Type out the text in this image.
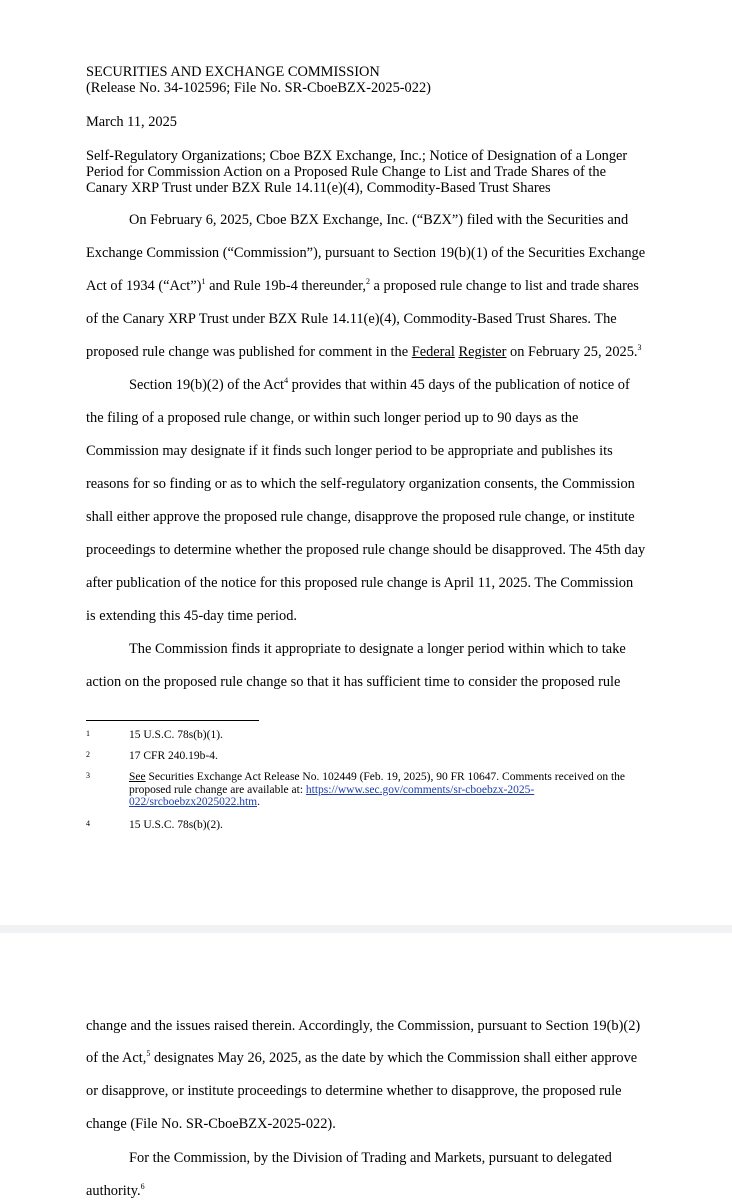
SECURITIES AND EXCHANGE COMMISSION
(Release No. 34-102596; File No. SR-CboeBZX-2025-022)
March 11, 2025
Self-Regulatory Organizations; Cboe BZX Exchange, Inc.; Notice of Designation of a Longer
Period for Commission Action on a Proposed Rule Change to List and Trade Shares of the
Canary XRP Trust under BZX Rule 14.11(e)(4), Commodity-Based Trust Shares
On February 6, 2025, Cboe BZX Exchange, Inc. (“BZX”) filed with the Securities and
Exchange Commission (“Commission”), pursuant to Section 19(b)(1) of the Securities Exchange
Act of 1934 (“Act”)$^1$ and Rule 19b-4 thereunder,$^2$ a proposed rule change to list and trade shares
of the Canary XRP Trust under BZX Rule 14.11(e)(4), Commodity-Based Trust Shares. The
proposed rule change was published for comment in the Federal Register on February 25, 2025.$^3$
Section 19(b)(2) of the Act$^4$ provides that within 45 days of the publication of notice of
the filing of a proposed rule change, or within such longer period up to 90 days as the
Commission may designate if it finds such longer period to be appropriate and publishes its
reasons for so finding or as to which the self-regulatory organization consents, the Commission
shall either approve the proposed rule change, disapprove the proposed rule change, or institute
proceedings to determine whether the proposed rule change should be disapproved. The 45th day
after publication of the notice for this proposed rule change is April 11, 2025. The Commission
is extending this 45-day time period.
The Commission finds it appropriate to designate a longer period within which to take
action on the proposed rule change so that it has sufficient time to consider the proposed rule
1	15 U.S.C. 78s(b)(1).
2	17 CFR 240.19b-4.
3	See Securities Exchange Act Release No. 102449 (Feb. 19, 2025), 90 FR 10647. Comments received on the
proposed rule change are available at: https://www.sec.gov/comments/sr-cboebzx-2025-
022/srcboebzx2025022.htm.
4	15 U.S.C. 78s(b)(2).
change and the issues raised therein. Accordingly, the Commission, pursuant to Section 19(b)(2)
of the Act,$^5$ designates May 26, 2025, as the date by which the Commission shall either approve
or disapprove, or institute proceedings to determine whether to disapprove, the proposed rule
change (File No. SR-CboeBZX-2025-022).
For the Commission, by the Division of Trading and Markets, pursuant to delegated
authority.$^6$
